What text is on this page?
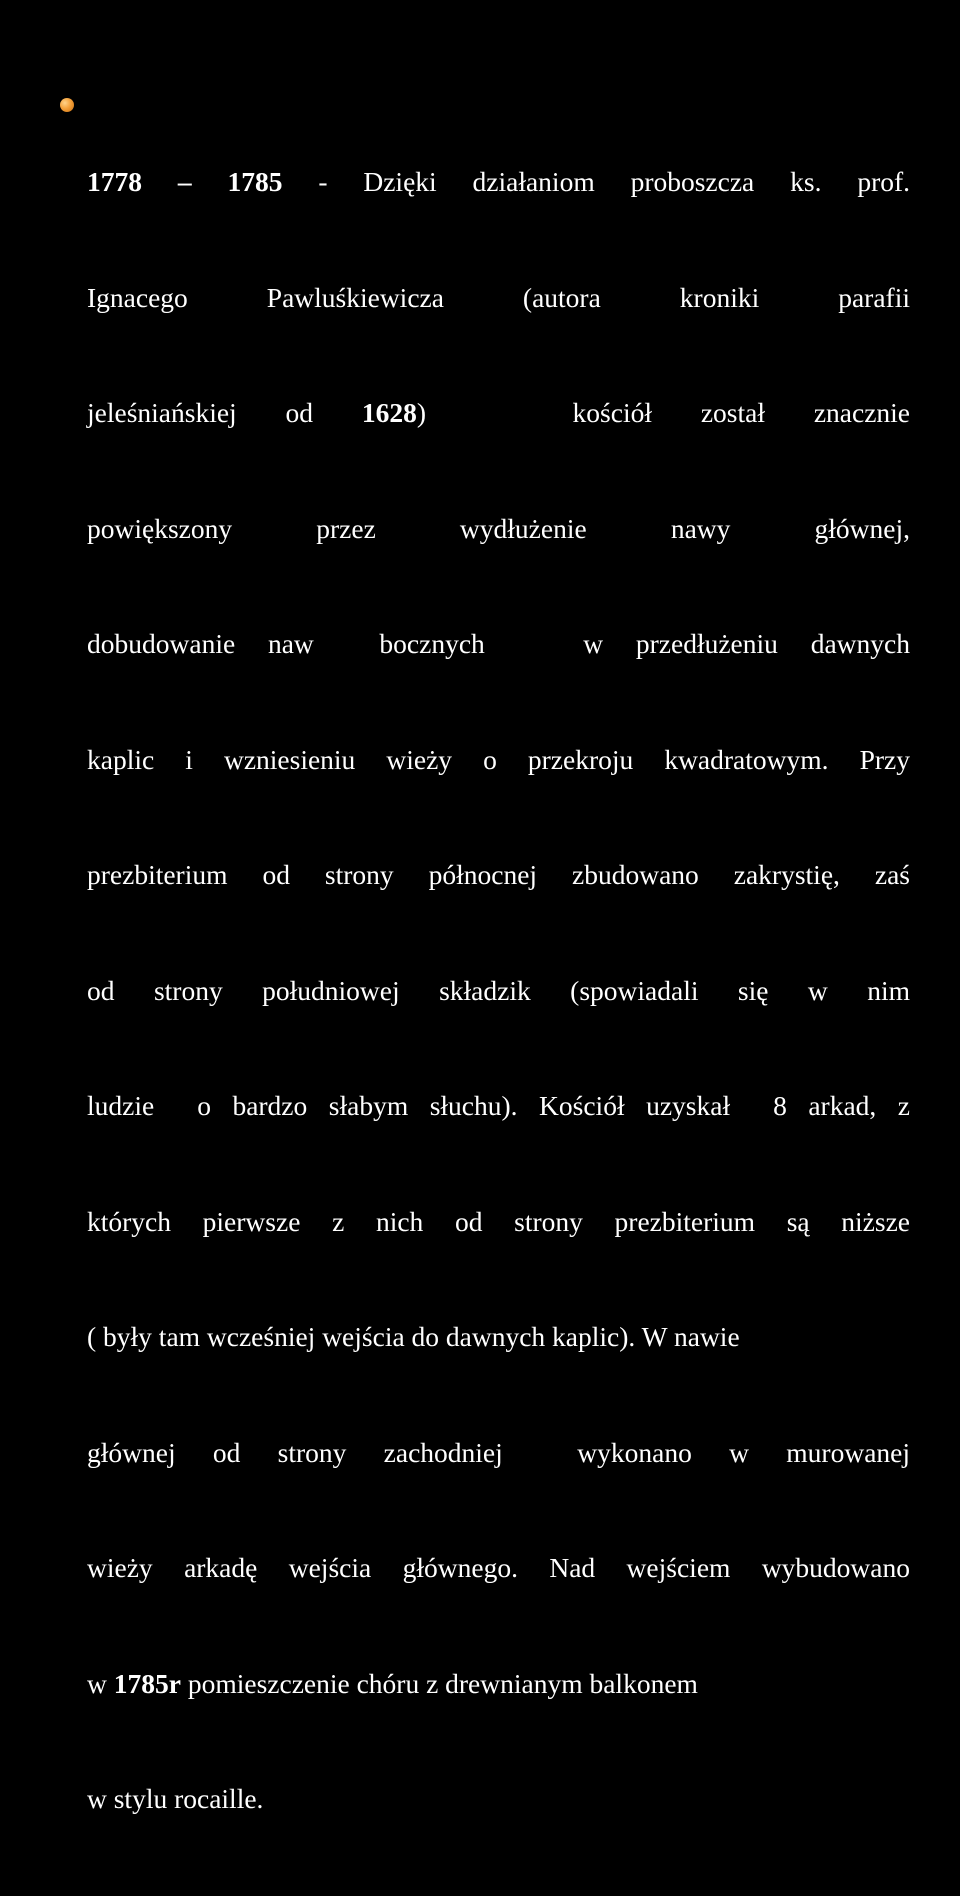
1778 – 1785 - Dzięki działaniom proboszcza ks. prof.

Ignacego Pawluśkiewicza (autora kroniki parafii

jeleśniańskiej od 1628)   kościół został znacznie

powiększony przez wydłużenie nawy głównej,

dobudowanie naw  bocznych   w przedłużeniu dawnych

kaplic i wzniesieniu wieży o przekroju kwadratowym. Przy

prezbiterium od strony północnej zbudowano zakrystię, zaś

od strony południowej składzik (spowiadali się w nim

ludzie  o bardzo słabym słuchu). Kościół uzyskał  8 arkad, z

których pierwsze z nich od strony prezbiterium są niższe

( były tam wcześniej wejścia do dawnych kaplic). W nawie

głównej od strony zachodniej  wykonano w murowanej

wieży arkadę wejścia głównego. Nad wejściem wybudowano

w 1785r pomieszczenie chóru z drewnianym balkonem

w stylu rocaille.
